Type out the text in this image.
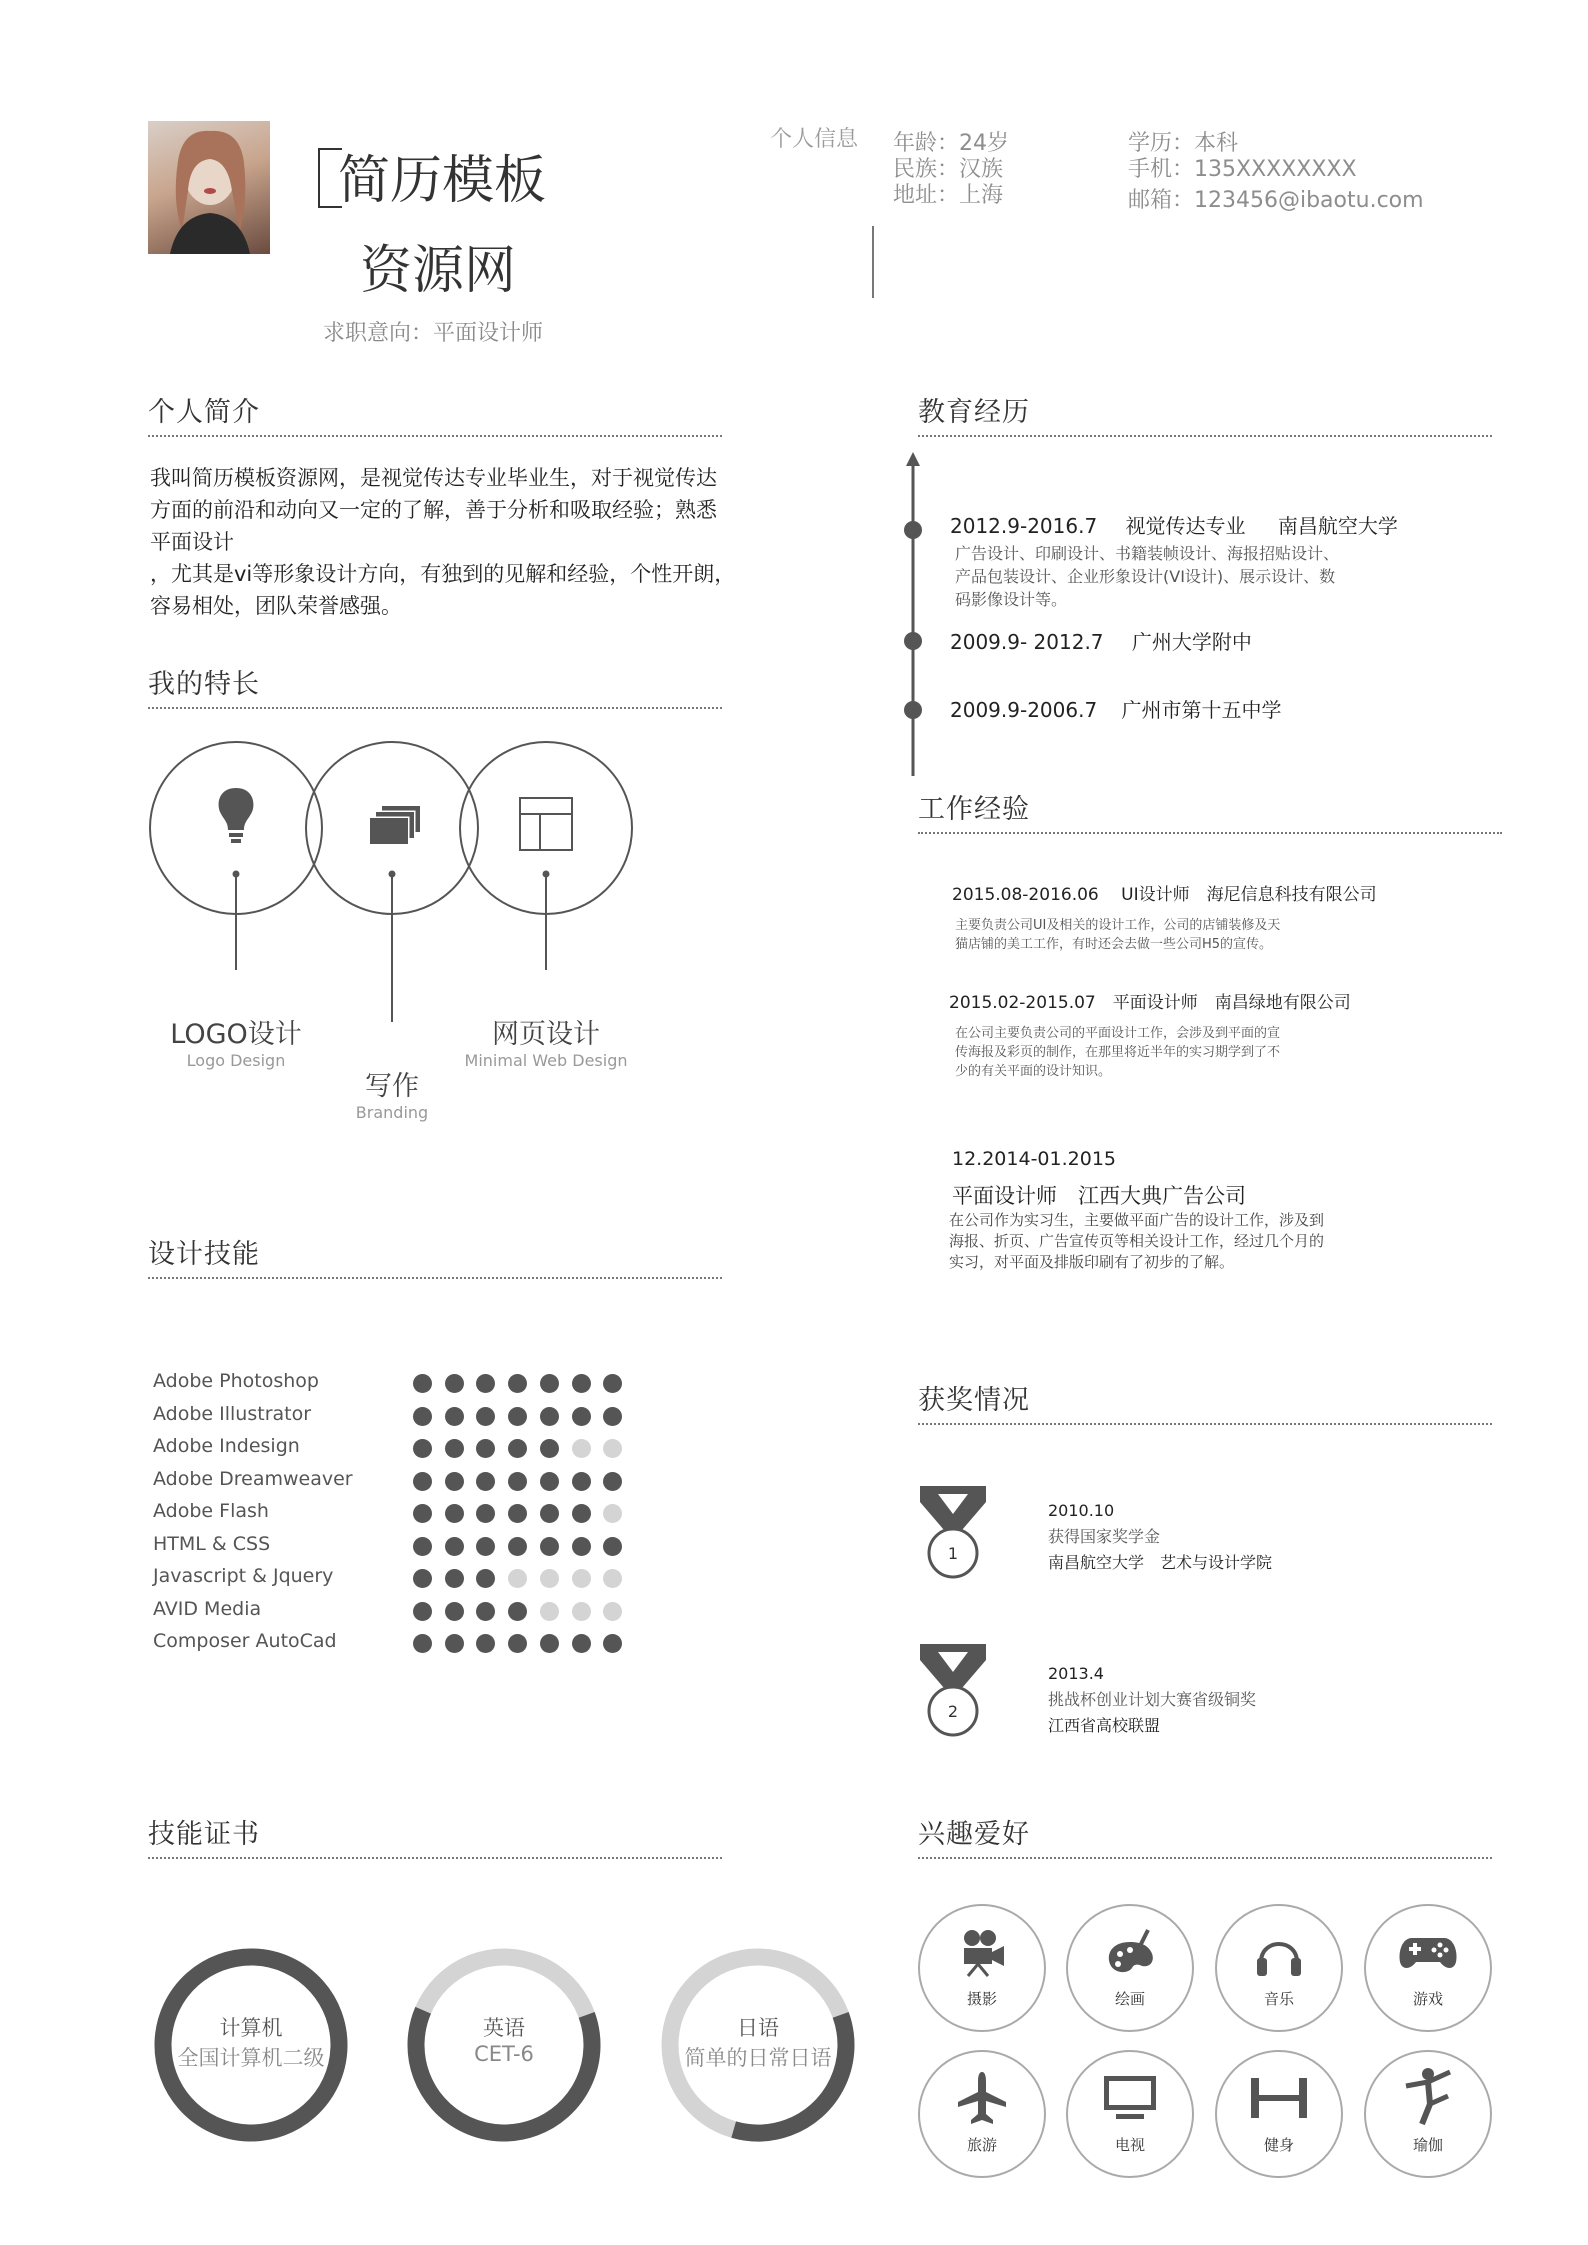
简历模板
资源网
求职意向：平面设计师
个人信息 年龄：24岁
民族：汉族
地址：上海
学历：本科
手机：135XXXXXXXX
邮箱：123456@ibaotu.com
个人简介
我叫简历模板资源网，是视觉传达专业毕业生，对于视觉传达
方面的前沿和动向又一定的了解，善于分析和吸取经验；熟悉
平面设计
，尤其是vi等形象设计方向，有独到的见解和经验，个性开朗，
容易相处，团队荣誉感强。
我的特长
LOGO设计
Logo Design
写作
Branding
网页设计
Minimal Web Design
设计技能
Adobe Photoshop
Adobe Illustrator
Adobe Indesign
Adobe Dreamweaver
Adobe Flash
HTML & CSS
Javascript & Jquery
AVID Media
Composer AutoCad
技能证书
计算机
全国计算机二级
英语
CET-6
日语
简单的日常日语
教育经历
2012.9-2016.7 视觉传达专业 南昌航空大学
广告设计、印刷设计、书籍装帧设计、海报招贴设计、
产品包装设计、企业形象设计(VI设计)、展示设计、数
码影像设计等。
2009.9- 2012.7 广州大学附中
2009.9-2006.7 广州市第十五中学
工作经验
2015.08-2016.06　 UI设计师　海尼信息科技有限公司
主要负责公司UI及相关的设计工作，公司的店铺装修及天
猫店铺的美工工作，有时还会去做一些公司H5的宣传。
2015.02-2015.07　平面设计师　南昌绿地有限公司
在公司主要负责公司的平面设计工作，会涉及到平面的宣
传海报及彩页的制作，在那里将近半年的实习期学到了不
少的有关平面的设计知识。
12.2014-01.2015
平面设计师　江西大典广告公司
在公司作为实习生，主要做平面广告的设计工作，涉及到
海报、折页、广告宣传页等相关设计工作，经过几个月的
实习，对平面及排版印刷有了初步的了解。
获奖情况
1
2010.10
获得国家奖学金
南昌航空大学　艺术与设计学院
2
2013.4
挑战杯创业计划大赛省级铜奖
江西省高校联盟
兴趣爱好
摄影	绘画	音乐	游戏
旅游	电视	健身	瑜伽
